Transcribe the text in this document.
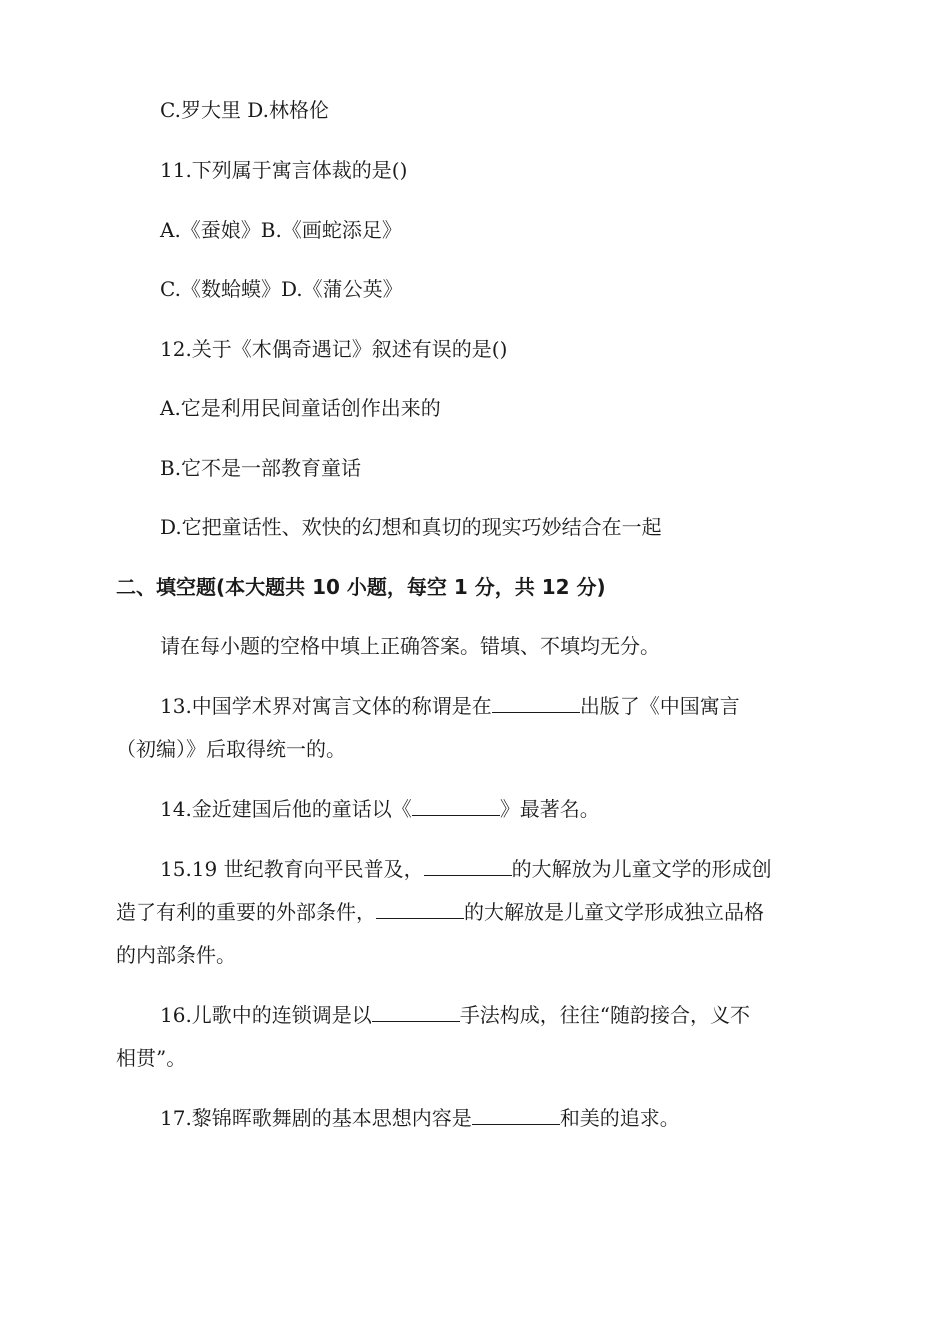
C.罗大里 D.林格伦
11.下列属于寓言体裁的是()
A.《蚕娘》B.《画蛇添足》
C.《数蛤蟆》D.《蒲公英》
12.关于《木偶奇遇记》叙述有误的是()
A.它是利用民间童话创作出来的
B.它不是一部教育童话
D.它把童话性、欢快的幻想和真切的现实巧妙结合在一起
二、填空题(本大题共 10 小题，每空 1 分，共 12 分)
请在每小题的空格中填上正确答案。错填、不填均无分。
13.中国学术界对寓言文体的称谓是在	出版了《中国寓言
（初编）》后取得统一的。
14.金近建国后他的童话以《	》最著名。
15.19 世纪教育向平民普及，	的大解放为儿童文学的形成创
造了有利的重要的外部条件，	的大解放是儿童文学形成独立品格
的内部条件。
16.儿歌中的连锁调是以	手法构成，往往“随韵接合，义不
相贯”。
17.黎锦晖歌舞剧的基本思想内容是	和美的追求。
